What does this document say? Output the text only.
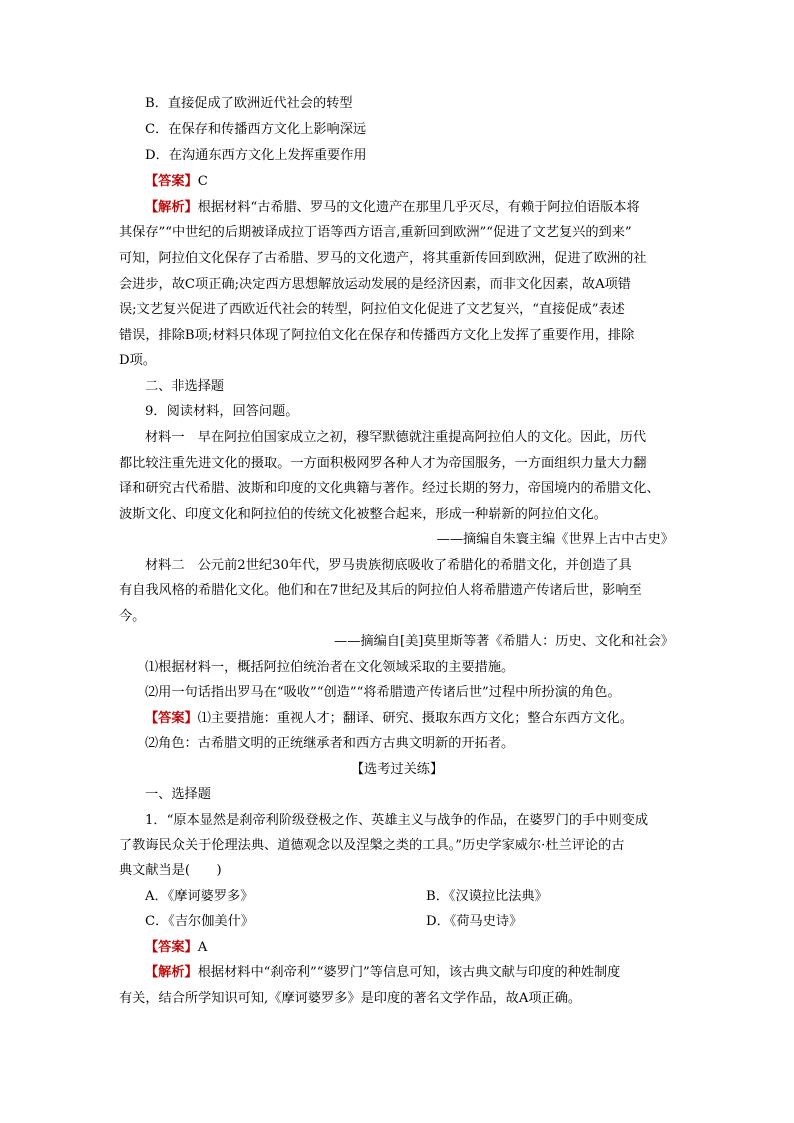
B．直接促成了欧洲近代社会的转型
C．在保存和传播西方文化上影响深远
D．在沟通东西方文化上发挥重要作用
【答案】C
【解析】根据材料“古希腊、罗马的文化遗产在那里几乎灭尽，有赖于阿拉伯语版本将
其保存”“中世纪的后期被译成拉丁语等西方语言,重新回到欧洲”“促进了文艺复兴的到来”
可知，阿拉伯文化保存了古希腊、罗马的文化遗产，将其重新传回到欧洲，促进了欧洲的社
会进步，故C项正确;决定西方思想解放运动发展的是经济因素，而非文化因素，故A项错
误;文艺复兴促进了西欧近代社会的转型，阿拉伯文化促进了文艺复兴，“直接促成”表述
错误，排除B项;材料只体现了阿拉伯文化在保存和传播西方文化上发挥了重要作用，排除
D项。
二、非选择题
9．阅读材料，回答问题。
材料一　早在阿拉伯国家成立之初，穆罕默德就注重提高阿拉伯人的文化。因此，历代
都比较注重先进文化的摄取。一方面积极网罗各种人才为帝国服务，一方面组织力量大力翻
译和研究古代希腊、波斯和印度的文化典籍与著作。经过长期的努力，帝国境内的希腊文化、
波斯文化、印度文化和阿拉伯的传统文化被整合起来，形成一种崭新的阿拉伯文化。
——摘编自朱寰主编《世界上古中古史》
材料二　公元前2世纪30年代，罗马贵族彻底吸收了希腊化的希腊文化，并创造了具
有自我风格的希腊化文化。他们和在7世纪及其后的阿拉伯人将希腊遗产传诸后世，影响至
今。
——摘编自[美]莫里斯等著《希腊人：历史、文化和社会》
⑴根据材料一，概括阿拉伯统治者在文化领域采取的主要措施。
⑵用一句话指出罗马在“吸收”“创造”“将希腊遗产传诸后世”过程中所扮演的角色。
【答案】⑴主要措施：重视人才；翻译、研究、摄取东西方文化；整合东西方文化。
⑵角色：古希腊文明的正统继承者和西方古典文明新的开拓者。
【选考过关练】
一、选择题
1．“原本显然是刹帝利阶级登极之作、英雄主义与战争的作品，在婆罗门的手中则变成
了教诲民众关于伦理法典、道德观念以及涅槃之类的工具。”历史学家威尔·杜兰评论的古
典文献当是(　　)
A．《摩诃婆罗多》	B．《汉谟拉比法典》
C．《吉尔伽美什》	D．《荷马史诗》
【答案】A
【解析】根据材料中“刹帝利”“婆罗门”等信息可知，该古典文献与印度的种姓制度
有关，结合所学知识可知,《摩诃婆罗多》是印度的著名文学作品，故A项正确。
